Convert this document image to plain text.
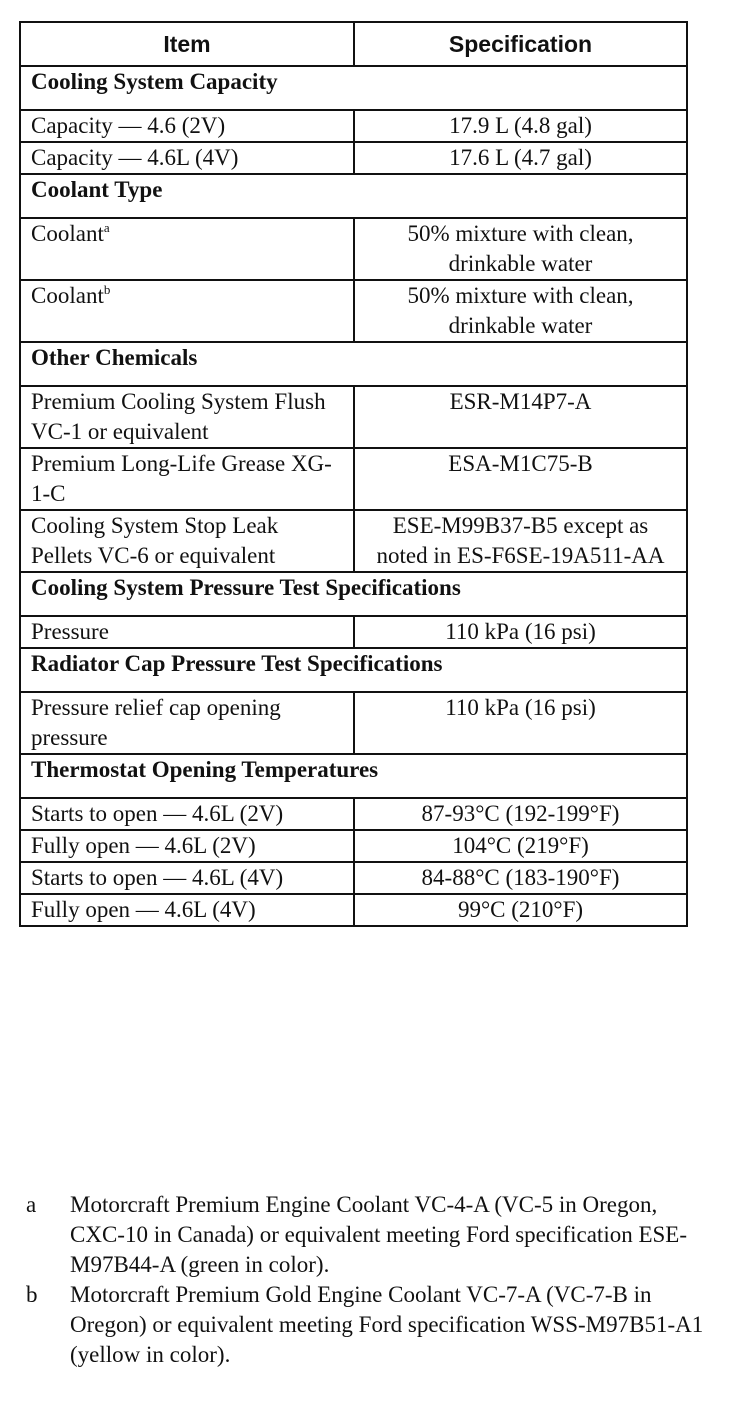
Item	Specification
Cooling System Capacity	
Capacity — 4.6 (2V)	17.9 L (4.8 gal)
Capacity — 4.6L (4V)	17.6 L (4.7 gal)
Coolant Type	
Coolant$^a$	50% mixture with clean, drinkable water
Coolant$^b$	50% mixture with clean, drinkable water
Other Chemicals	
Premium Cooling System Flush VC-1 or equivalent	ESR-M14P7-A
Premium Long-Life Grease XG-1-C	ESA-M1C75-B
Cooling System Stop Leak Pellets VC-6 or equivalent	ESE-M99B37-B5 except as noted in ES-F6SE-19A511-AA
Cooling System Pressure Test Specifications	
Pressure	110 kPa (16 psi)
Radiator Cap Pressure Test Specifications	
Pressure relief cap opening pressure	110 kPa (16 psi)
Thermostat Opening Temperatures	
Starts to open — 4.6L (2V)	87-93°C (192-199°F)
Fully open — 4.6L (2V)	104°C (219°F)
Starts to open — 4.6L (4V)	84-88°C (183-190°F)
Fully open — 4.6L (4V)	99°C (210°F)
a	Motorcraft Premium Engine Coolant VC-4-A (VC-5 in Oregon, CXC-10 in Canada) or equivalent meeting Ford specification ESE-M97B44-A (green in color).
b	Motorcraft Premium Gold Engine Coolant VC-7-A (VC-7-B in Oregon) or equivalent meeting Ford specification WSS-M97B51-A1 (yellow in color).
